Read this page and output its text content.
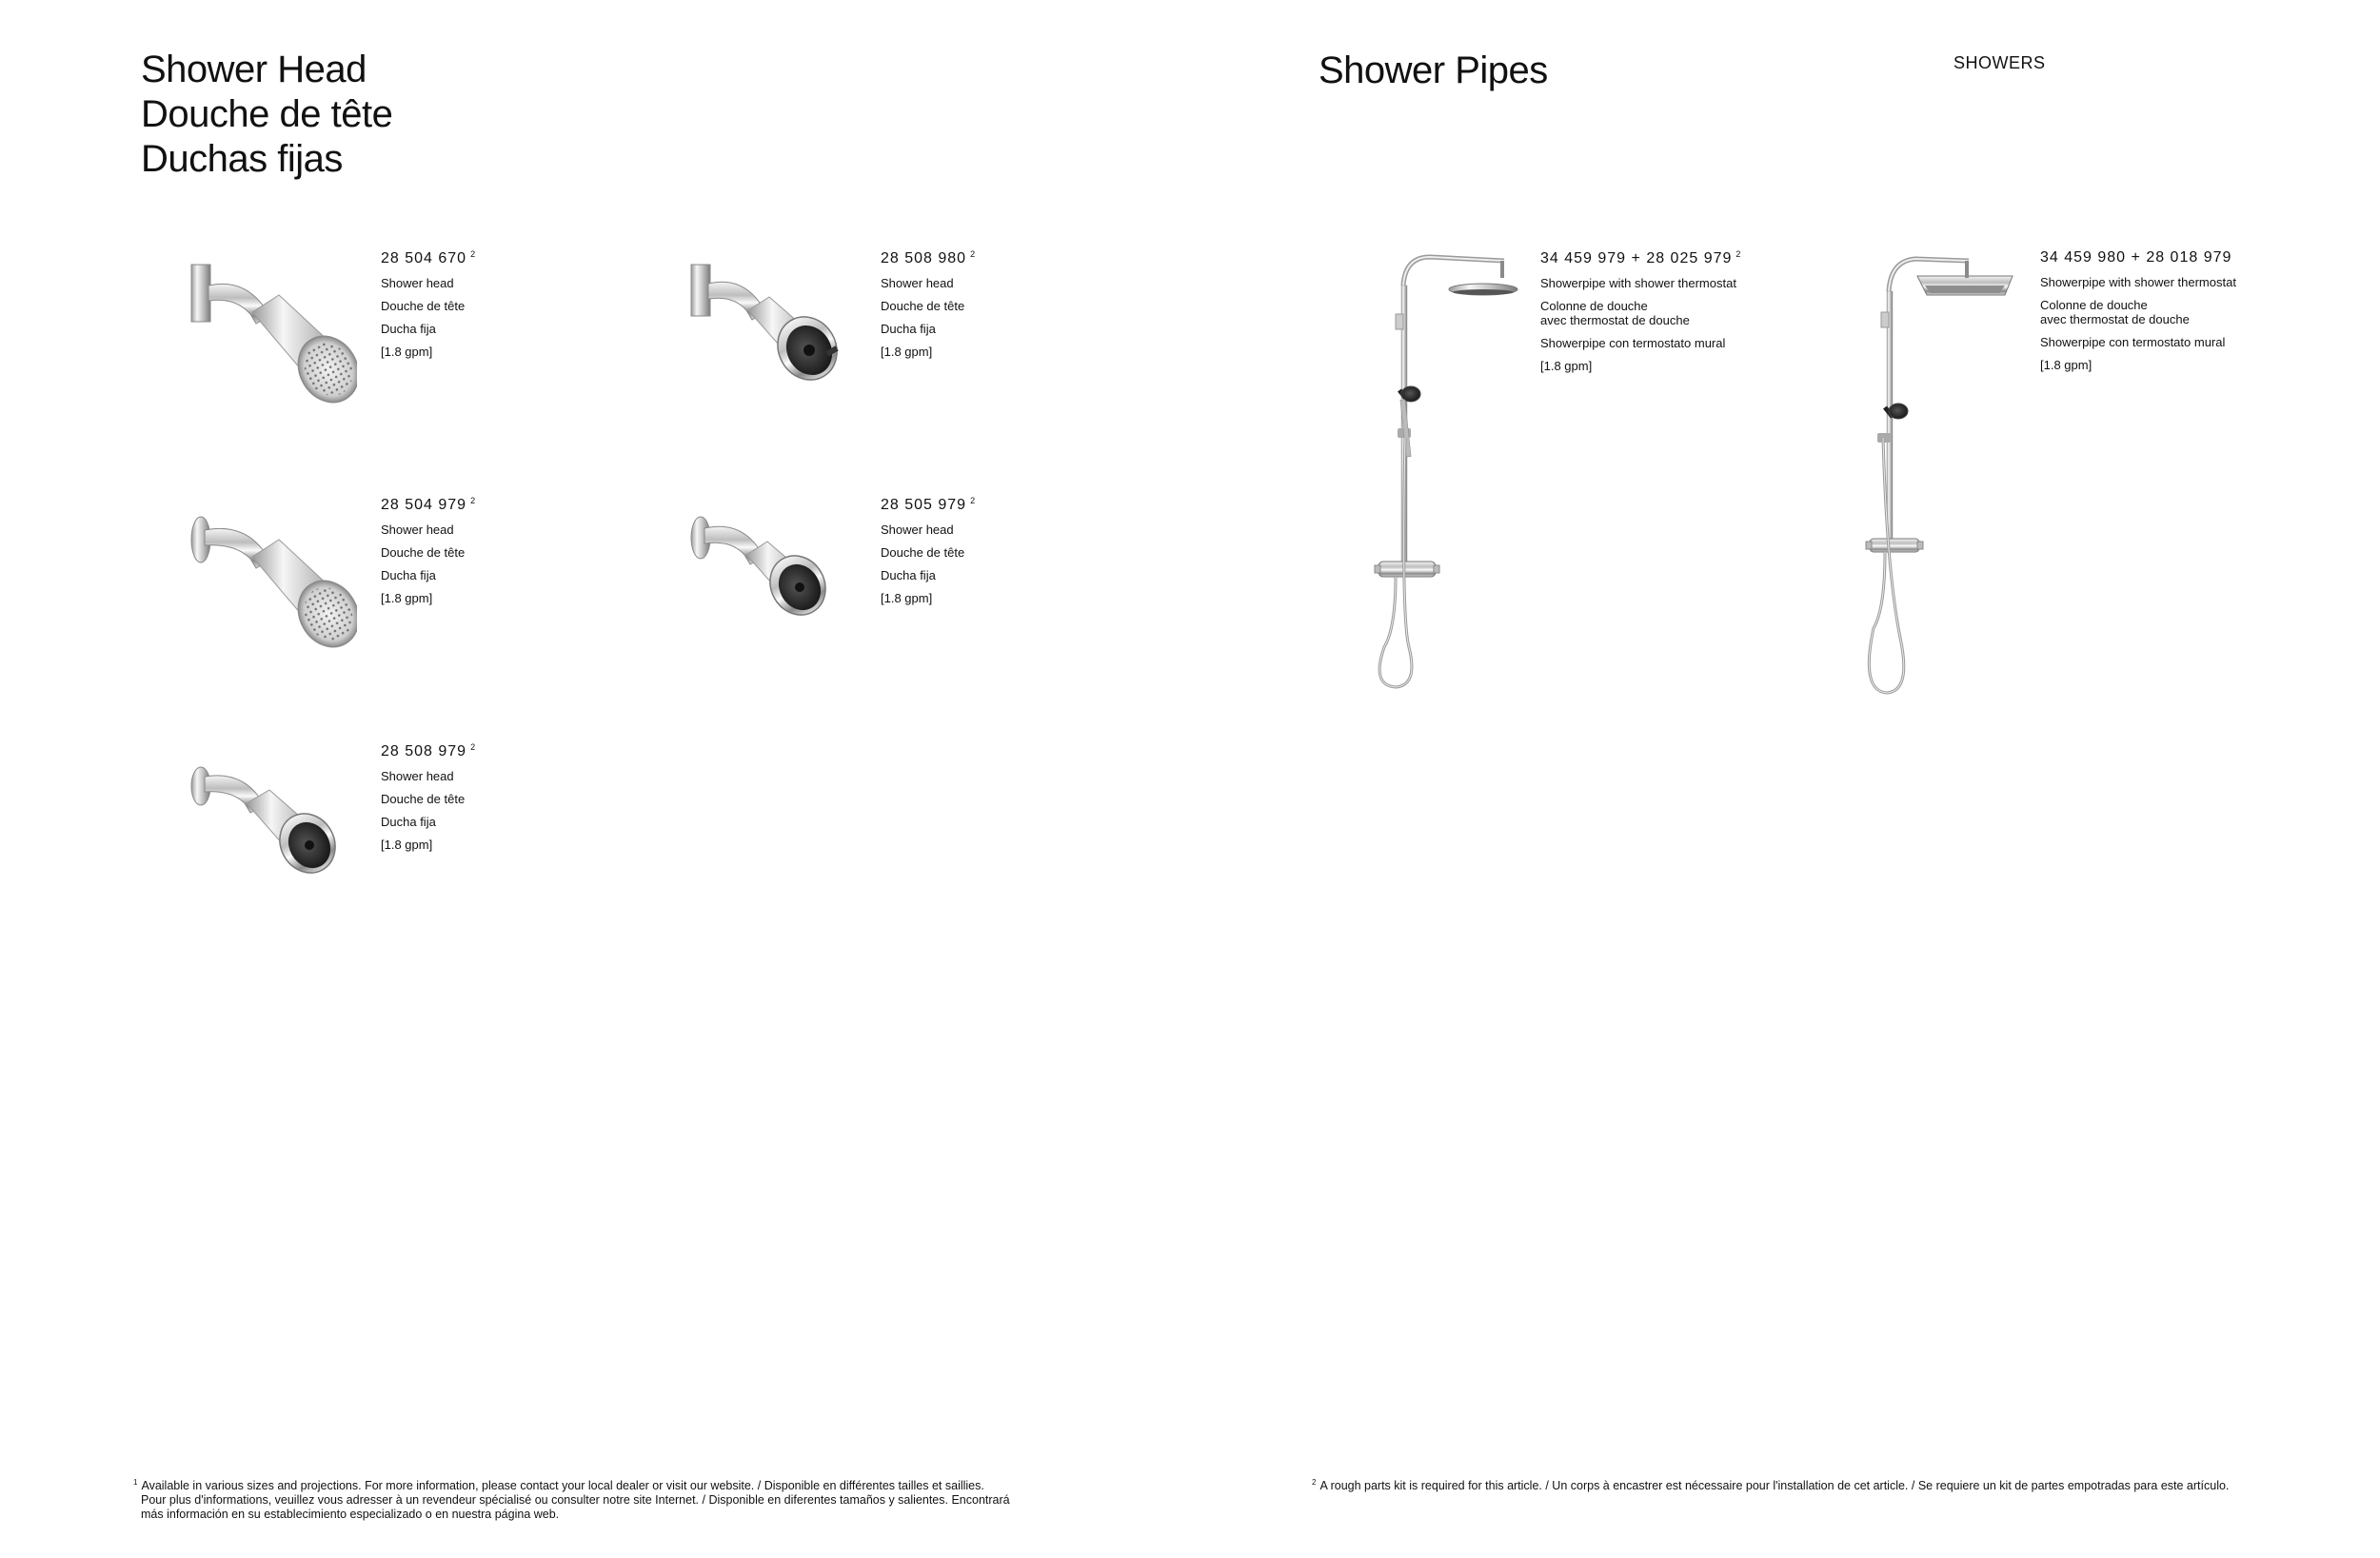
Shower Head
Douche de tête
Duchas fijas
Shower Pipes	SHOWERS
28 504 670 $^2$
Shower head
Douche de tête
Ducha fija
[1.8 gpm]
28 508 980 $^2$
Shower head
Douche de tête
Ducha fija
[1.8 gpm]
28 504 979 $^2$
Shower head
Douche de tête
Ducha fija
[1.8 gpm]
28 505 979 $^2$
Shower head
Douche de tête
Ducha fija
[1.8 gpm]
28 508 979 $^2$
Shower head
Douche de tête
Ducha fija
[1.8 gpm]
34 459 979 + 28 025 979 $^2$
Showerpipe with shower thermostat
Colonne de douche
avec thermostat de douche
Showerpipe con termostato mural
[1.8 gpm]
34 459 980 + 28 018 979
Showerpipe with shower thermostat
Colonne de douche
avec thermostat de douche
Showerpipe con termostato mural
[1.8 gpm]
$^1$ Available in various sizes and projections. For more information, please contact your local dealer or visit our website. / Disponible en différentes tailles et saillies.
Pour plus d'informations, veuillez vous adresser à un revendeur spécialisé ou consulter notre site Internet. / Disponible en diferentes tamaños y salientes. Encontrará
más información en su establecimiento especializado o en nuestra página web.
$^2$ A rough parts kit is required for this article. / Un corps à encastrer est nécessaire pour l'installation de cet article. / Se requiere un kit de partes empotradas para este artículo.
